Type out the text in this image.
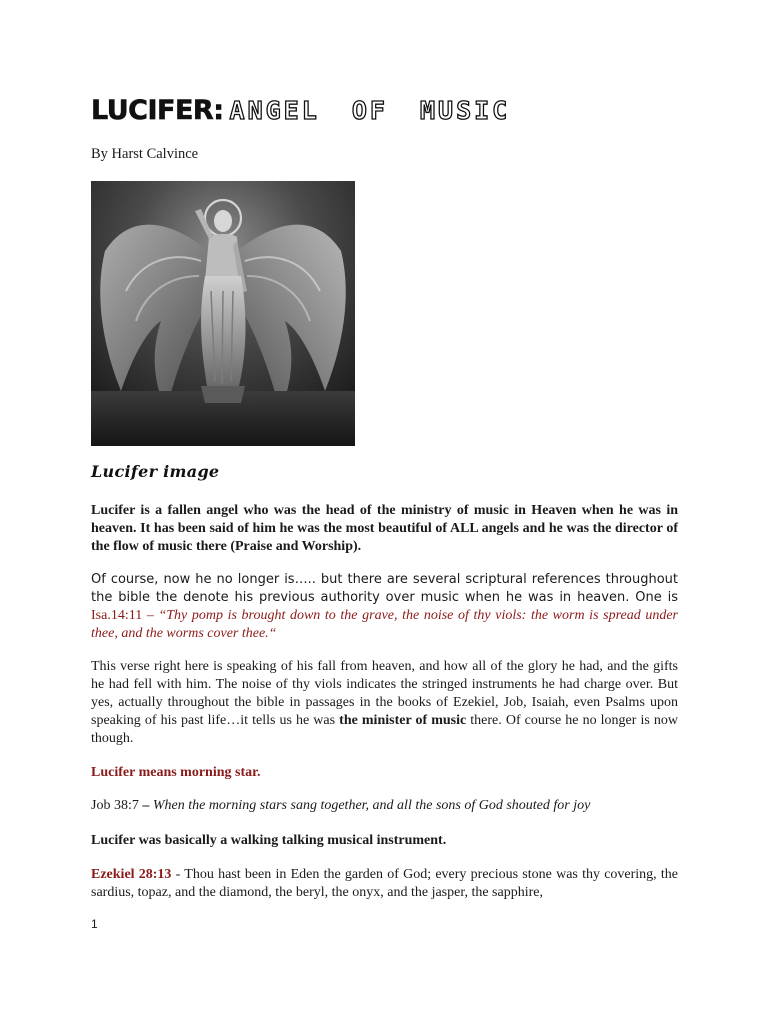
LUCIFER: ANGEL OF MUSIC
By Harst Calvince
Lucifer image

Lucifer is a fallen angel who was the head of the ministry of music in Heaven when he was in heaven. It has been said of him he was the most beautiful of ALL angels and he was the director of the flow of music there (Praise and Worship).

Of course, now he no longer is….. but there are several scriptural references throughout the bible the denote his previous authority over music when he was in heaven. One is Isa.14:11 – “Thy pomp is brought down to the grave, the noise of thy viols: the worm is spread under thee, and the worms cover thee.“

This verse right here is speaking of his fall from heaven, and how all of the glory he had, and the gifts he had fell with him. The noise of thy viols indicates the stringed instruments he had charge over. But yes, actually throughout the bible in passages in the books of Ezekiel, Job, Isaiah, even Psalms upon speaking of his past life…it tells us he was the minister of music there. Of course he no longer is now though.

Lucifer means morning star.

Job 38:7 – When the morning stars sang together, and all the sons of God shouted for joy

Lucifer was basically a walking talking musical instrument.

Ezekiel 28:13 - Thou hast been in Eden the garden of God; every precious stone was thy covering, the sardius, topaz, and the diamond, the beryl, the onyx, and the jasper, the sapphire,

1
